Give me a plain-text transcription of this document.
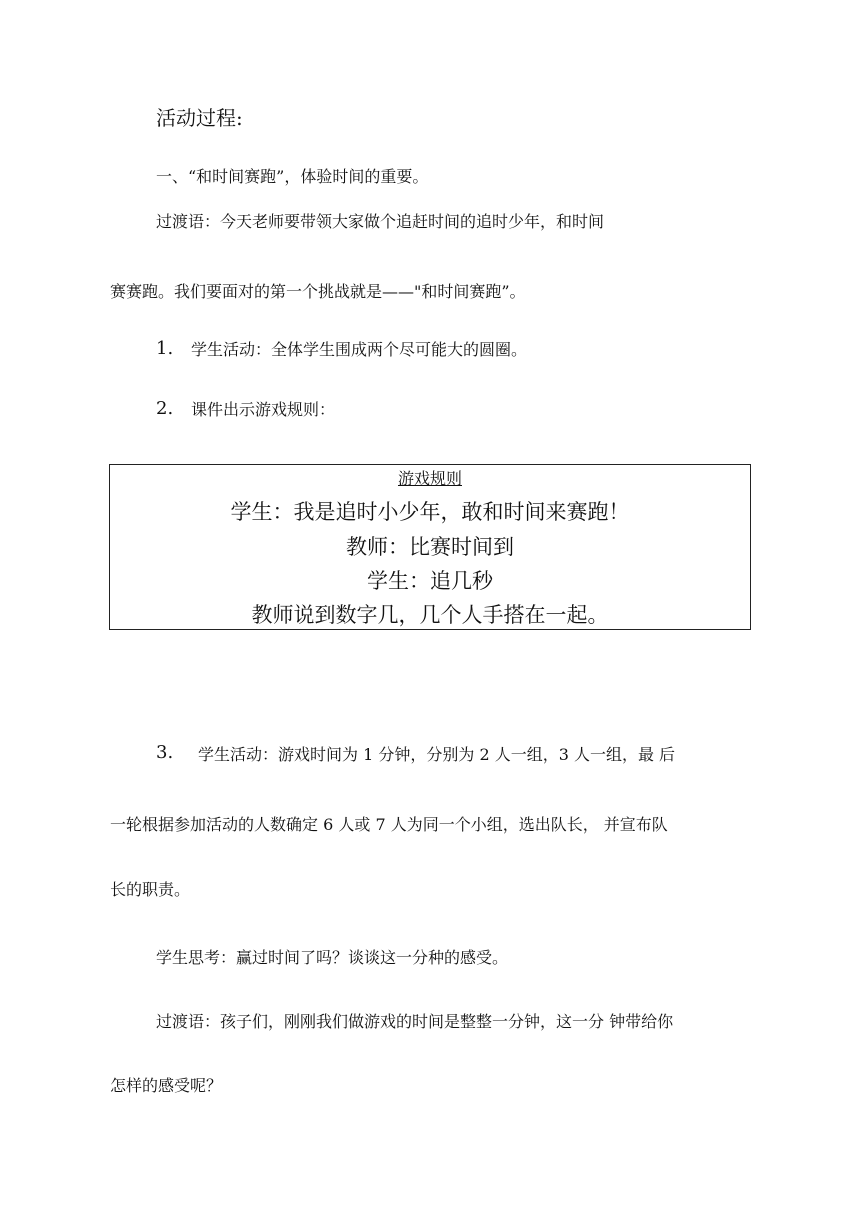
活动过程:
一、“和时间赛跑”，体验时间的重要。
过渡语：今天老师要带领大家做个追赶时间的追时少年，和时间
赛赛跑。我们要面对的第一个挑战就是——"和时间赛跑”。
1. 学生活动：全体学生围成两个尽可能大的圆圈。
2. 课件出示游戏规则：
游戏规则
学生：我是追时小少年，敢和时间来赛跑！
教师：比赛时间到
学生：追几秒
教师说到数字几，几个人手搭在一起。
3. 学生活动：游戏时间为 1 分钟，分别为 2 人一组，3 人一组，最 后
一轮根据参加活动的人数确定 6 人或 7 人为同一个小组，选出队长， 并宣布队
长的职责。
学生思考：赢过时间了吗？谈谈这一分种的感受。
过渡语：孩子们，刚刚我们做游戏的时间是整整一分钟，这一分 钟带给你
怎样的感受呢？
